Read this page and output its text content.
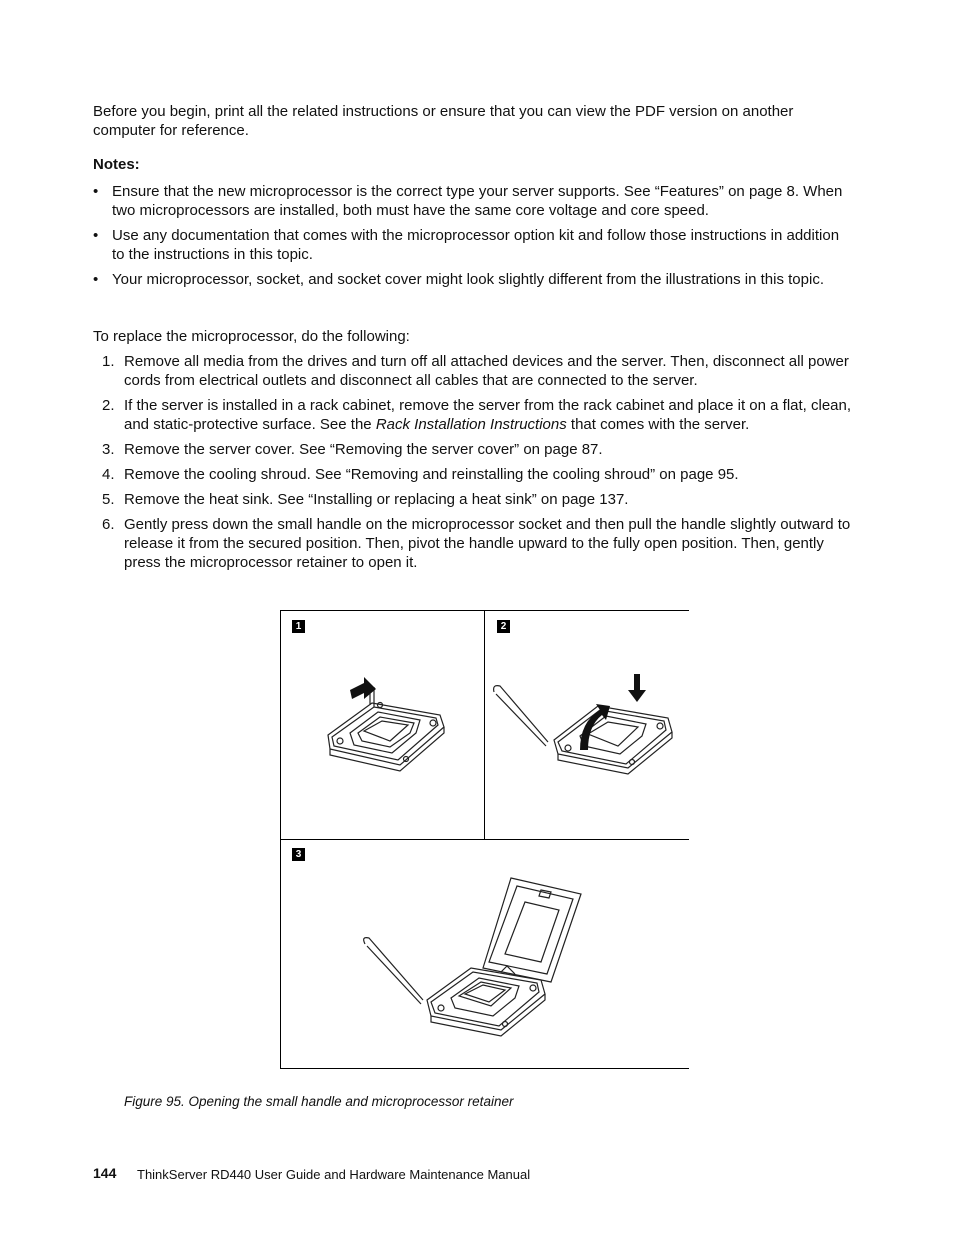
Before you begin, print all the related instructions or ensure that you can view the PDF version on another computer for reference.

Notes:

• Ensure that the new microprocessor is the correct type your server supports. See “Features” on page 8. When two microprocessors are installed, both must have the same core voltage and core speed.
• Use any documentation that comes with the microprocessor option kit and follow those instructions in addition to the instructions in this topic.
• Your microprocessor, socket, and socket cover might look slightly different from the illustrations in this topic.

To replace the microprocessor, do the following:

1. Remove all media from the drives and turn off all attached devices and the server. Then, disconnect all power cords from electrical outlets and disconnect all cables that are connected to the server.
2. If the server is installed in a rack cabinet, remove the server from the rack cabinet and place it on a flat, clean, and static-protective surface. See the Rack Installation Instructions that comes with the server.
3. Remove the server cover. See “Removing the server cover” on page 87.
4. Remove the cooling shroud. See “Removing and reinstalling the cooling shroud” on page 95.
5. Remove the heat sink. See “Installing or replacing a heat sink” on page 137.
6. Gently press down the small handle on the microprocessor socket and then pull the handle slightly outward to release it from the secured position. Then, pivot the handle upward to the fully open position. Then, gently press the microprocessor retainer to open it.
1	2
3
Figure 95. Opening the small handle and microprocessor retainer
144 ThinkServer RD440 User Guide and Hardware Maintenance Manual
